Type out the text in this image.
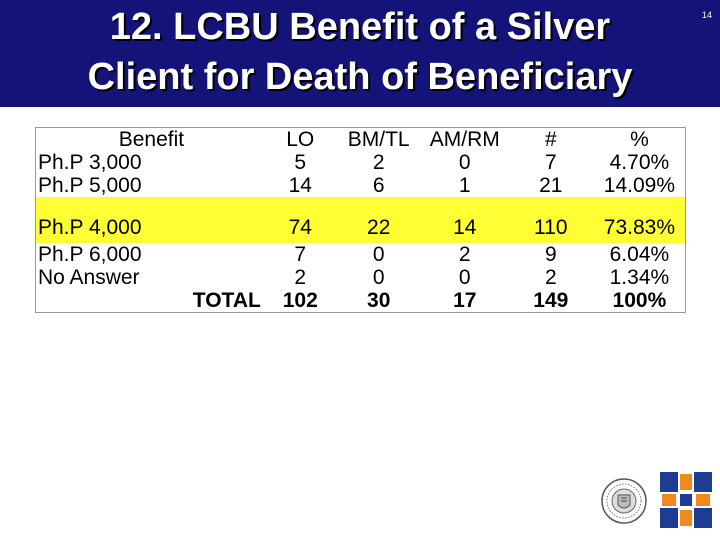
12. LCBU Benefit of a Silver
Client for Death of Beneficiary
14
Benefit	LO	BM/TL	AM/RM	#	%
Ph.P 3,000	5	2	0	7	4.70%
Ph.P 5,000	14	6	1	21	14.09%
Ph.P 4,000	74	22	14	110	73.83%
Ph.P 6,000	7	0	2	9	6.04%
No Answer	2	0	0	2	1.34%
TOTAL	102	30	17	149	100%
